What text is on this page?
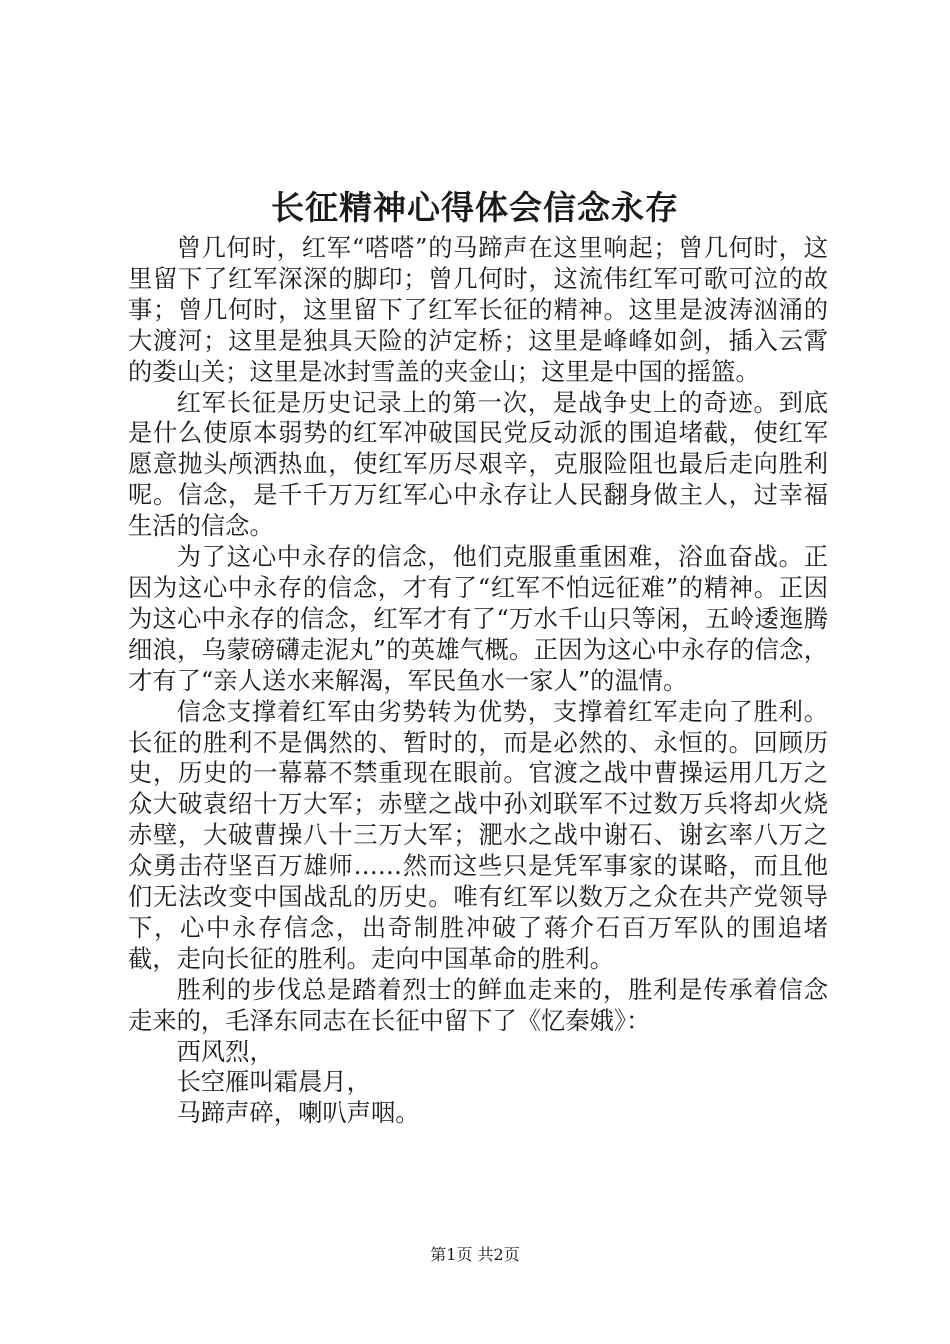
长征精神心得体会信念永存

曾几何时，红军“嗒嗒”的马蹄声在这里响起；曾几何时，这里留下了红军深深的脚印；曾几何时，这流伟红军可歌可泣的故事；曾几何时，这里留下了红军长征的精神。这里是波涛汹涌的大渡河；这里是独具天险的泸定桥；这里是峰峰如剑，插入云霄的娄山关；这里是冰封雪盖的夹金山；这里是中国的摇篮。

红军长征是历史记录上的第一次，是战争史上的奇迹。到底是什么使原本弱势的红军冲破国民党反动派的围追堵截，使红军愿意抛头颅洒热血，使红军历尽艰辛，克服险阻也最后走向胜利呢。信念，是千千万万红军心中永存让人民翻身做主人，过幸福生活的信念。

为了这心中永存的信念，他们克服重重困难，浴血奋战。正因为这心中永存的信念，才有了“红军不怕远征难”的精神。正因为这心中永存的信念，红军才有了“万水千山只等闲，五岭逶迤腾细浪，乌蒙磅礴走泥丸”的英雄气概。正因为这心中永存的信念，才有了“亲人送水来解渴，军民鱼水一家人”的温情。

信念支撑着红军由劣势转为优势，支撑着红军走向了胜利。长征的胜利不是偶然的、暂时的，而是必然的、永恒的。回顾历史，历史的一幕幕不禁重现在眼前。官渡之战中曹操运用几万之众大破袁绍十万大军；赤壁之战中孙刘联军不过数万兵将却火烧赤壁，大破曹操八十三万大军；淝水之战中谢石、谢玄率八万之众勇击苻坚百万雄师……然而这些只是凭军事家的谋略，而且他们无法改变中国战乱的历史。唯有红军以数万之众在共产党领导下，心中永存信念，出奇制胜冲破了蒋介石百万军队的围追堵截，走向长征的胜利。走向中国革命的胜利。

胜利的步伐总是踏着烈士的鲜血走来的，胜利是传承着信念走来的，毛泽东同志在长征中留下了《忆秦娥》：

西风烈，

长空雁叫霜晨月，

马蹄声碎，喇叭声咽。

第1页 共2页
